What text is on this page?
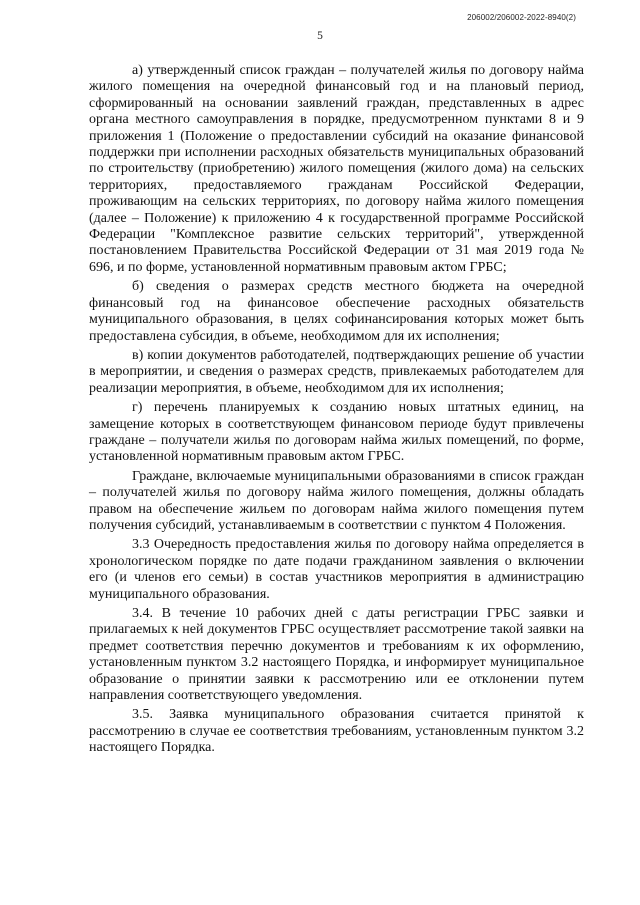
206002/206002-2022-8940(2)
5

а) утвержденный список граждан – получателей жилья по договору найма жилого помещения на очередной финансовый год и на плановый период, сформированный на основании заявлений граждан, представленных в адрес органа местного самоуправления в порядке, предусмотренном пунктами 8 и 9 приложения 1 (Положение о предоставлении субсидий на оказание финансовой поддержки при исполнении расходных обязательств муниципальных образований по строительству (приобретению) жилого помещения (жилого дома) на сельских территориях, предоставляемого гражданам Российской Федерации, проживающим на сельских территориях, по договору найма жилого помещения (далее – Положение) к приложению 4 к государственной программе Российской Федерации "Комплексное развитие сельских территорий", утвержденной постановлением Правительства Российской Федерации от 31 мая 2019 года № 696, и по форме, установленной нормативным правовым актом ГРБС;

б) сведения о размерах средств местного бюджета на очередной финансовый год на финансовое обеспечение расходных обязательств муниципального образования, в целях софинансирования которых может быть предоставлена субсидия, в объеме, необходимом для их исполнения;

в) копии документов работодателей, подтверждающих решение об участии в мероприятии, и сведения о размерах средств, привлекаемых работодателем для реализации мероприятия, в объеме, необходимом для их исполнения;

г) перечень планируемых к созданию новых штатных единиц, на замещение которых в соответствующем финансовом периоде будут привлечены граждане – получатели жилья по договорам найма жилых помещений, по форме, установленной нормативным правовым актом ГРБС.

Граждане, включаемые муниципальными образованиями в список граждан – получателей жилья по договору найма жилого помещения, должны обладать правом на обеспечение жильем по договорам найма жилого помещения путем получения субсидий, устанавливаемым в соответствии с пунктом 4 Положения.

3.3 Очередность предоставления жилья по договору найма определяется в хронологическом порядке по дате подачи гражданином заявления о включении его (и членов его семьи) в состав участников мероприятия в администрацию муниципального образования.

3.4. В течение 10 рабочих дней с даты регистрации ГРБС заявки и прилагаемых к ней документов ГРБС осуществляет рассмотрение такой заявки на предмет соответствия перечню документов и требованиям к их оформлению, установленным пунктом 3.2 настоящего Порядка, и информирует муниципальное образование о принятии заявки к рассмотрению или ее отклонении путем направления соответствующего уведомления.

3.5. Заявка муниципального образования считается принятой к рассмотрению в случае ее соответствия требованиям, установленным пунктом 3.2 настоящего Порядка.
